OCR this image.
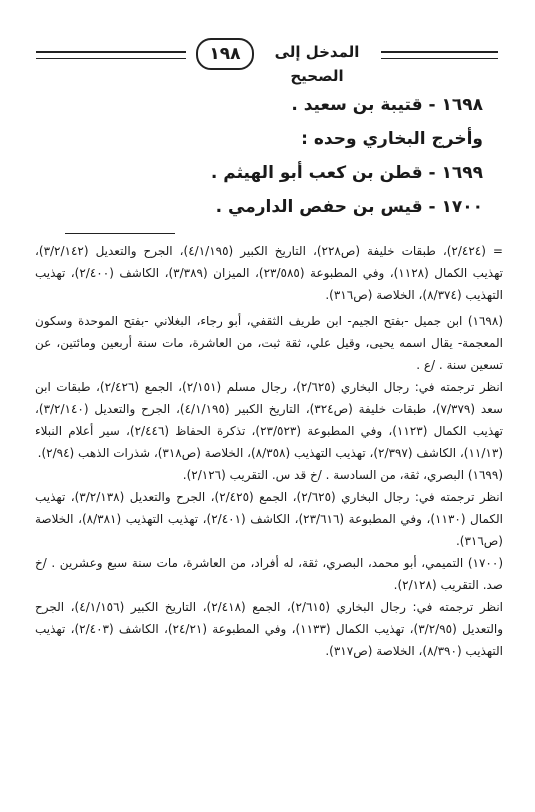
١٩٨	المدخل إلى الصحيح

١٦٩٨ - قتيبة بن سعيد .

وأخرج البخاري وحده :

١٦٩٩ - قطن بن كعب أبو الهيثم .

١٧٠٠ - قيس بن حفص الدارمي .

= (٢/٤٢٤)، طبقات خليفة (ص٢٢٨)، التاريخ الكبير (٤/١/١٩٥)، الجرح والتعديل (٣/٢/١٤٢)، تهذيب الكمال (١١٢٨)، وفي المطبوعة (٢٣/٥٨٥)، الميزان (٣/٣٨٩)، الكاشف (٢/٤٠٠)، تهذيب التهذيب (٨/٣٧٤)، الخلاصة (ص٣١٦).

(١٦٩٨) ابن جميل -بفتح الجيم- ابن طريف الثقفي، أبو رجاء، البغلاني -بفتح الموحدة وسكون المعجمة- يقال اسمه يحيى، وقيل علي، ثقة ثبت، من العاشرة، مات سنة أربعين ومائتين، عن تسعين سنة . /ع .

انظر ترجمته في: رجال البخاري (٢/٦٢٥)، رجال مسلم (٢/١٥١)، الجمع (٢/٤٢٦)، طبقات ابن سعد (٧/٣٧٩)، طبقات خليفة (ص٣٢٤)، التاريخ الكبير (٤/١/١٩٥)، الجرح والتعديل (٣/٢/١٤٠)، تهذيب الكمال (١١٢٣)، وفي المطبوعة (٢٣/٥٢٣)، تذكرة الحفاظ (٢/٤٤٦)، سير أعلام النبلاء (١١/١٣)، الكاشف (٢/٣٩٧)، تهذيب التهذيب (٨/٣٥٨)، الخلاصة (ص٣١٨)، شذرات الذهب (٢/٩٤).

(١٦٩٩) البصري، ثقة، من السادسة . /خ قد س. التقريب (٢/١٢٦).

انظر ترجمته في: رجال البخاري (٢/٦٢٥)، الجمع (٢/٤٢٥)، الجرح والتعديل (٣/٢/١٣٨)، تهذيب الكمال (١١٣٠)، وفي المطبوعة (٢٣/٦١٦)، الكاشف (٢/٤٠١)، تهذيب التهذيب (٨/٣٨١)، الخلاصة (ص٣١٦).

(١٧٠٠) التميمي، أبو محمد، البصري، ثقة، له أفراد، من العاشرة، مات سنة سبع وعشرين . /خ صد. التقريب (٢/١٢٨).

انظر ترجمته في: رجال البخاري (٢/٦١٥)، الجمع (٢/٤١٨)، التاريخ الكبير (٤/١/١٥٦)، الجرح والتعديل (٣/٢/٩٥)، تهذيب الكمال (١١٣٣)، وفي المطبوعة (٢٤/٢١)، الكاشف (٢/٤٠٣)، تهذيب التهذيب (٨/٣٩٠)، الخلاصة (ص٣١٧).
